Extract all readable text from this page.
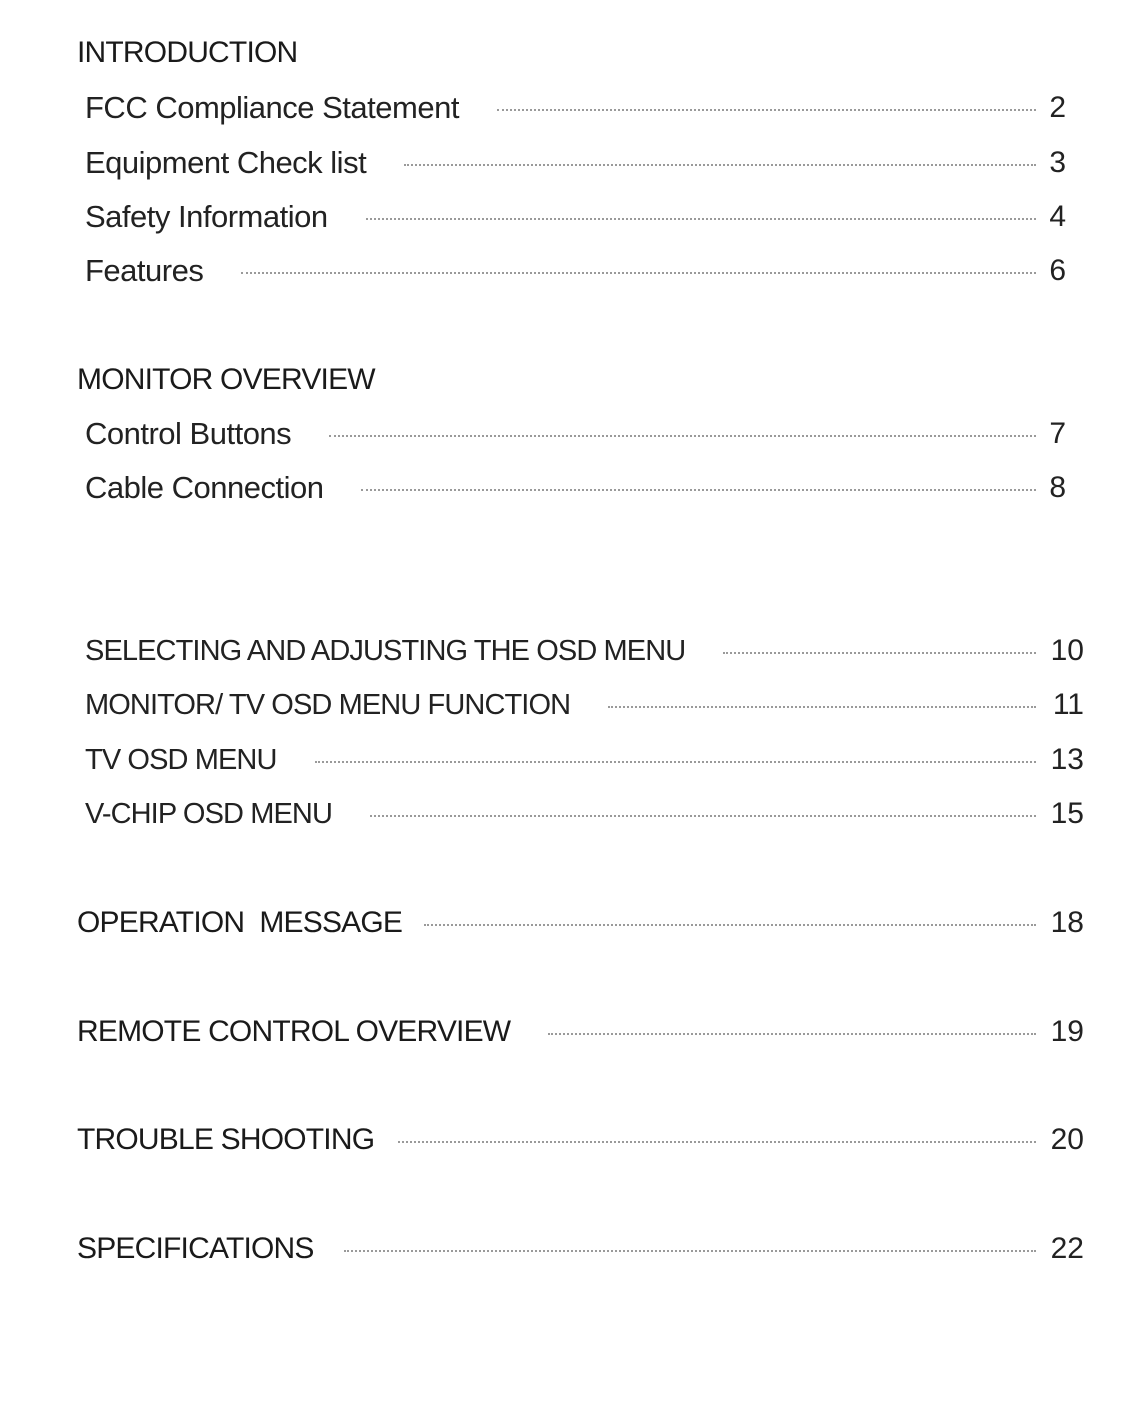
INTRODUCTION
FCC Compliance Statement	2
Equipment Check list	3
Safety Information	4
Features	6
MONITOR OVERVIEW
Control Buttons	7
Cable Connection	8
SELECTING AND ADJUSTING THE OSD MENU	10
MONITOR/ TV OSD MENU FUNCTION	11
TV OSD MENU	13
V-CHIP OSD MENU	15
OPERATION  MESSAGE	18
REMOTE CONTROL OVERVIEW	19
TROUBLE SHOOTING	20
SPECIFICATIONS	22
